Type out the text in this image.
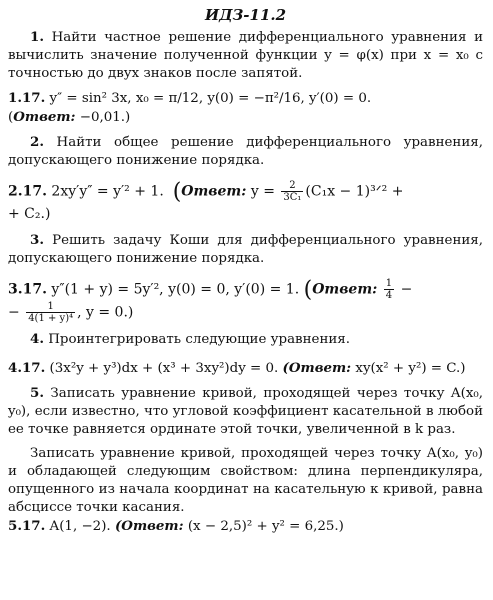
ИДЗ-11.2

1. Найти частное решение дифференциального уравнения и вычислить значение полученной функции y = φ(x) при x = x₀ с точностью до двух знаков после запятой.

1.17. y″ = sin² 3x, x₀ = π/12, y(0) = −π²/16, y′(0) = 0.

(Ответ: −0,01.)

2. Найти общее решение дифференциального уравнения, допускающего понижение порядка.

2.17. 2xy′y″ = y′² + 1. (Ответ: $y = \frac{2}{\text{3C₁}} (C_1x$ − 1)³ᐟ² +

+ C₂.)

3. Решить задачу Коши для дифференциального уравнения, допускающего понижение порядка.

3.17. y″(1 + y) = 5y′², y(0) = 0, y′(0) = 1. (Ответ: $\frac{1}{4}$ −

− $\frac{1}{\text{4(1 + y)⁴}}$ , y = 0.)

4. Проинтегрировать следующие уравнения.

4.17. (3x²y + y³)dx + (x³ + 3xy²)dy = 0. (Ответ: xy(x² + y²) = C.)

5. Записать уравнение кривой, проходящей через точку A(x₀, y₀), если известно, что угловой коэффициент касательной в любой ее точке равняется ординате этой точки, увеличенной в k раз.

Записать уравнение кривой, проходящей через точку A(x₀, y₀) и обладающей следующим свойством: длина перпендикуляра, опущенного из начала координат на касательную к кривой, равна абсциссе точки касания.

5.17. A(1, −2). (Ответ: (x − 2,5)² + y² = 6,25.)
